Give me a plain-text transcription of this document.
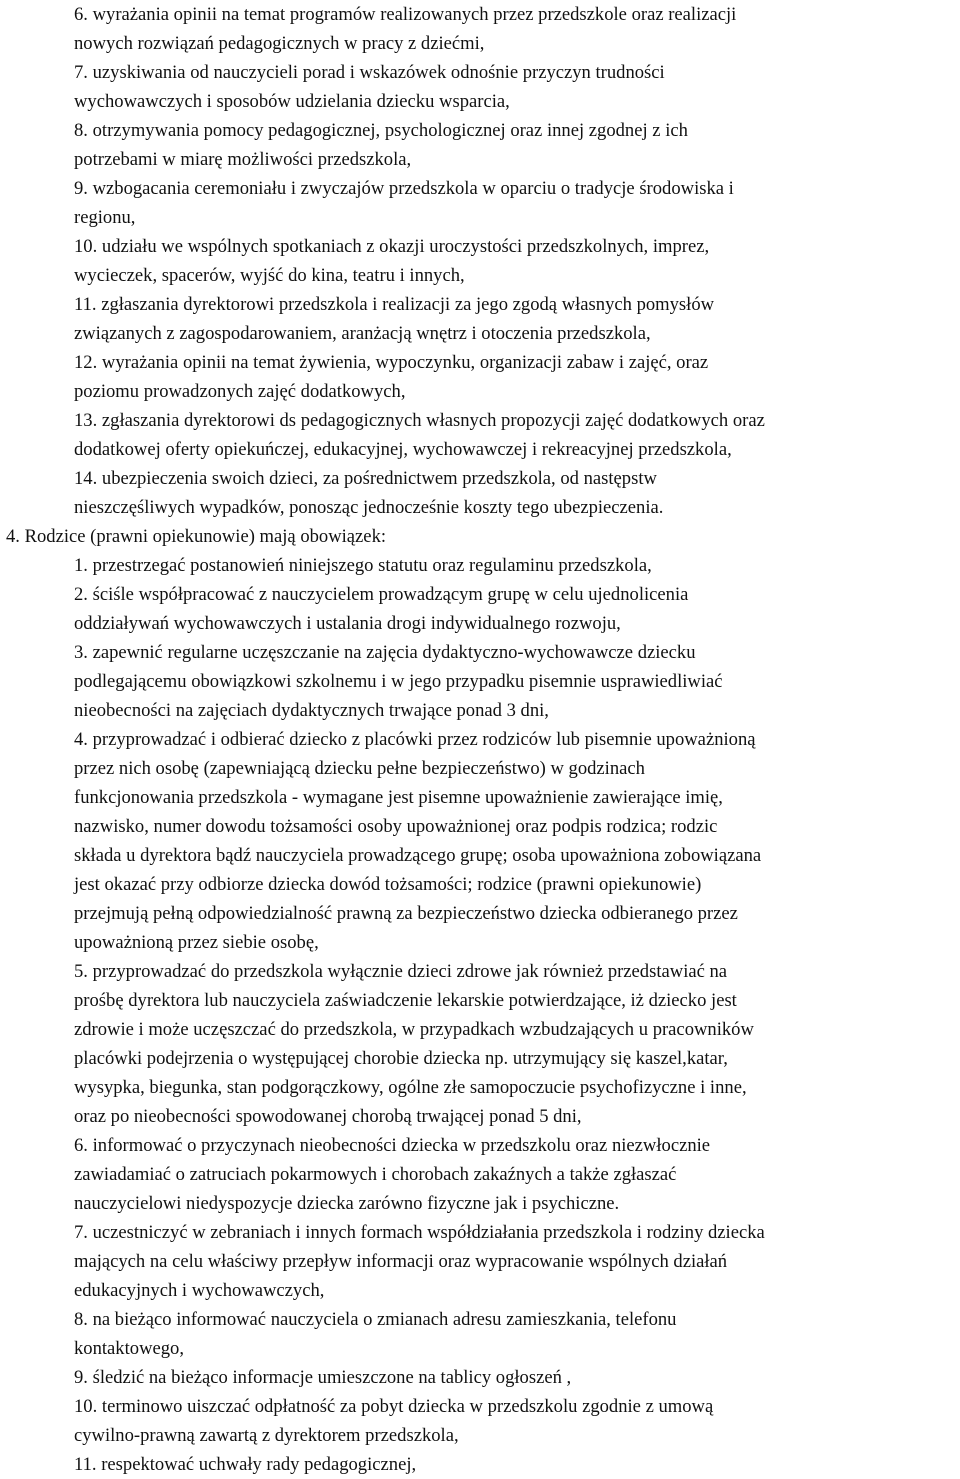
6. wyrażania opinii na temat programów realizowanych przez przedszkole oraz realizacji
nowych rozwiązań pedagogicznych w pracy z dziećmi,
7. uzyskiwania od nauczycieli porad i wskazówek odnośnie przyczyn trudności
wychowawczych i sposobów udzielania dziecku wsparcia,
8. otrzymywania pomocy pedagogicznej, psychologicznej oraz innej zgodnej z ich
potrzebami w miarę możliwości przedszkola,
9. wzbogacania ceremoniału i zwyczajów przedszkola w oparciu o tradycje środowiska i
regionu,
10. udziału we wspólnych spotkaniach z okazji uroczystości przedszkolnych, imprez,
wycieczek, spacerów, wyjść do kina, teatru i innych,
11. zgłaszania dyrektorowi przedszkola i realizacji za jego zgodą własnych pomysłów
związanych z zagospodarowaniem, aranżacją wnętrz i otoczenia przedszkola,
12. wyrażania opinii na temat żywienia, wypoczynku, organizacji zabaw i zajęć, oraz
poziomu prowadzonych zajęć dodatkowych,
13. zgłaszania dyrektorowi ds pedagogicznych własnych propozycji zajęć dodatkowych oraz
dodatkowej oferty opiekuńczej, edukacyjnej, wychowawczej i rekreacyjnej przedszkola,
14. ubezpieczenia swoich dzieci, za pośrednictwem przedszkola, od następstw
nieszczęśliwych wypadków, ponosząc jednocześnie koszty tego ubezpieczenia.

4. Rodzice (prawni opiekunowie) mają obowiązek:

1. przestrzegać postanowień niniejszego statutu oraz regulaminu przedszkola,
2. ściśle współpracować z nauczycielem prowadzącym grupę w celu ujednolicenia
oddziaływań wychowawczych i ustalania drogi indywidualnego rozwoju,
3. zapewnić regularne uczęszczanie na zajęcia dydaktyczno-wychowawcze dziecku
podlegającemu obowiązkowi szkolnemu i w jego przypadku pisemnie usprawiedliwiać
nieobecności na zajęciach dydaktycznych trwające ponad 3 dni,
4. przyprowadzać i odbierać dziecko z placówki przez rodziców lub pisemnie upoważnioną
przez nich osobę (zapewniającą dziecku pełne bezpieczeństwo) w godzinach
funkcjonowania przedszkola - wymagane jest pisemne upoważnienie zawierające imię,
nazwisko, numer dowodu tożsamości osoby upoważnionej oraz podpis rodzica; rodzic
składa u dyrektora bądź nauczyciela prowadzącego grupę; osoba upoważniona zobowiązana
jest okazać przy odbiorze dziecka dowód tożsamości; rodzice (prawni opiekunowie)
przejmują pełną odpowiedzialność prawną za bezpieczeństwo dziecka odbieranego przez
upoważnioną przez siebie osobę,
5. przyprowadzać do przedszkola wyłącznie dzieci zdrowe jak również przedstawiać na
prośbę dyrektora lub nauczyciela zaświadczenie lekarskie potwierdzające, iż dziecko jest
zdrowie i może uczęszczać do przedszkola, w przypadkach wzbudzających u pracowników
placówki podejrzenia o występującej chorobie dziecka np. utrzymujący się kaszel,katar,
wysypka, biegunka, stan podgorączkowy, ogólne złe samopoczucie psychofizyczne i inne,
oraz po nieobecności spowodowanej chorobą trwającej ponad 5 dni,
6. informować o przyczynach nieobecności dziecka w przedszkolu oraz niezwłocznie
zawiadamiać o zatruciach pokarmowych i chorobach zakaźnych a także zgłaszać
nauczycielowi niedyspozycje dziecka zarówno fizyczne jak i psychiczne.
7. uczestniczyć w zebraniach i innych formach współdziałania przedszkola i rodziny dziecka
mających na celu właściwy przepływ informacji oraz wypracowanie wspólnych działań
edukacyjnych i wychowawczych,
8. na bieżąco informować nauczyciela o zmianach adresu zamieszkania, telefonu
kontaktowego,
9. śledzić na bieżąco informacje umieszczone na tablicy ogłoszeń ,
10. terminowo uiszczać odpłatność za pobyt dziecka w przedszkolu zgodnie z umową
cywilno-prawną zawartą z dyrektorem przedszkola,
11. respektować uchwały rady pedagogicznej,
